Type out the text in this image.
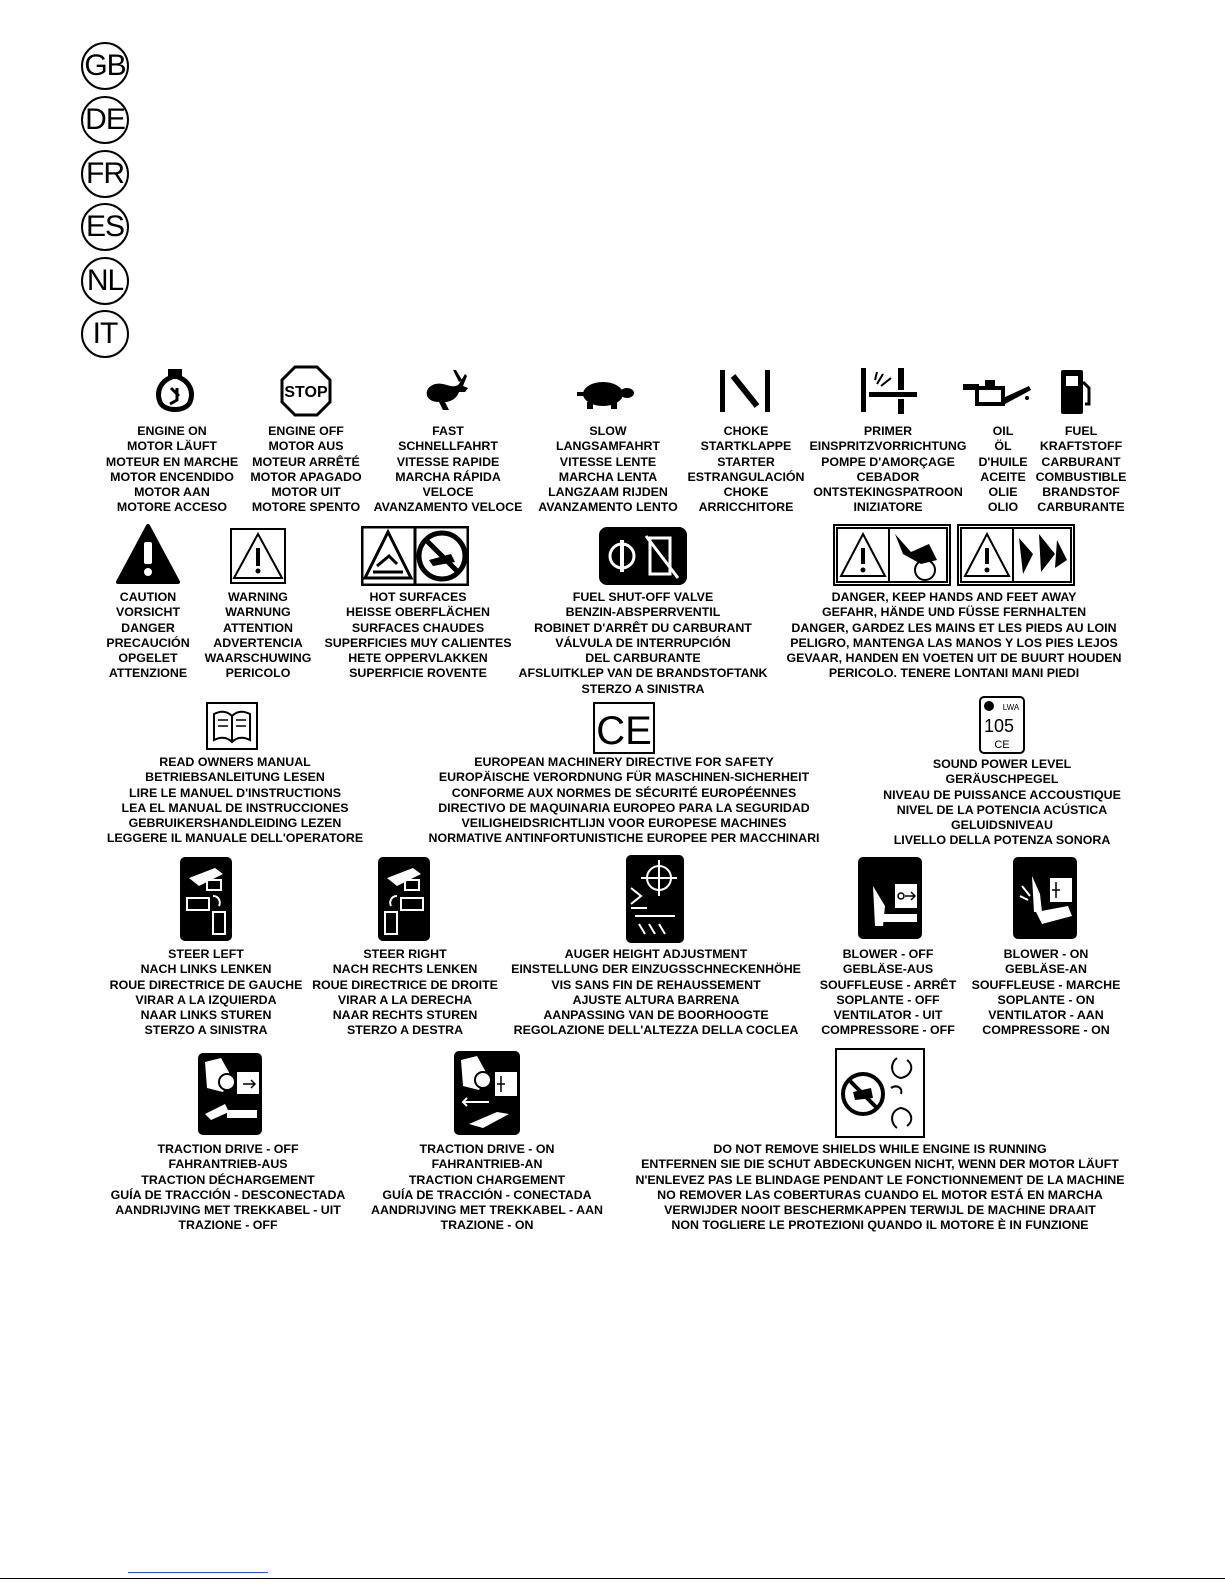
GB
DE
FR
ES
NL
IT
STOP
ENGINE ON
MOTOR LÄUFT
MOTEUR EN MARCHE
MOTOR ENCENDIDO
MOTOR AAN
MOTORE ACCESO
ENGINE OFF
MOTOR AUS
MOTEUR ARRÊTÉ
MOTOR APAGADO
MOTOR UIT
MOTORE SPENTO
FAST
SCHNELLFAHRT
VITESSE RAPIDE
MARCHA RÁPIDA
VELOCE
AVANZAMENTO VELOCE
SLOW
LANGSAMFAHRT
VITESSE LENTE
MARCHA LENTA
LANGZAAM RIJDEN
AVANZAMENTO LENTO
CHOKE
STARTKLAPPE
STARTER
ESTRANGULACIÓN
CHOKE
ARRICCHITORE
PRIMER
EINSPRITZVORRICHTUNG
POMPE D'AMORÇAGE
CEBADOR
ONTSTEKINGSPATROON
INIZIATORE
OIL
ÖL
D'HUILE
ACEITE
OLIE
OLIO
FUEL
KRAFTSTOFF
CARBURANT
COMBUSTIBLE
BRANDSTOF
CARBURANTE
CAUTION
VORSICHT
DANGER
PRECAUCIÓN
OPGELET
ATTENZIONE
WARNING
WARNUNG
ATTENTION
ADVERTENCIA
WAARSCHUWING
PERICOLO
HOT SURFACES
HEISSE OBERFLÄCHEN
SURFACES CHAUDES
SUPERFICIES MUY CALIENTES
HETE OPPERVLAKKEN
SUPERFICIE ROVENTE
FUEL SHUT-OFF VALVE
BENZIN-ABSPERRVENTIL
ROBINET D'ARRÊT DU CARBURANT
VÁLVULA DE INTERRUPCIÓN
DEL CARBURANTE
AFSLUITKLEP VAN DE BRANDSTOFTANK
STERZO A SINISTRA
DANGER, KEEP HANDS AND FEET AWAY
GEFAHR, HÄNDE UND FÜSSE FERNHALTEN
DANGER, GARDEZ LES MAINS ET LES PIEDS AU LOIN
PELIGRO, MANTENGA LAS MANOS Y LOS PIES LEJOS
GEVAAR, HANDEN EN VOETEN UIT DE BUURT HOUDEN
PERICOLO. TENERE LONTANI MANI PIEDI
CE
LWA
105
CE
READ OWNERS MANUAL
BETRIEBSANLEITUNG LESEN
LIRE LE MANUEL D'INSTRUCTIONS
LEA EL MANUAL DE INSTRUCCIONES
GEBRUIKERSHANDLEIDING LEZEN
LEGGERE IL MANUALE DELL'OPERATORE
EUROPEAN MACHINERY DIRECTIVE FOR SAFETY
EUROPÄISCHE VERORDNUNG FÜR MASCHINEN-SICHERHEIT
CONFORME AUX NORMES DE SÉCURITÉ EUROPÉENNES
DIRECTIVO DE MAQUINARIA EUROPEO PARA LA SEGURIDAD
VEILIGHEIDSRICHTLIJN VOOR EUROPESE MACHINES
NORMATIVE ANTINFORTUNISTICHE EUROPEE PER MACCHINARI
SOUND POWER LEVEL
GERÄUSCHPEGEL
NIVEAU DE PUISSANCE ACCOUSTIQUE
NIVEL DE LA POTENCIA ACÚSTICA
GELUIDSNIVEAU
LIVELLO DELLA POTENZA SONORA
STEER LEFT
NACH LINKS LENKEN
ROUE DIRECTRICE DE GAUCHE
VIRAR A LA IZQUIERDA
NAAR LINKS STUREN
STERZO A SINISTRA
STEER RIGHT
NACH RECHTS LENKEN
ROUE DIRECTRICE DE DROITE
VIRAR A LA DERECHA
NAAR RECHTS STUREN
STERZO A DESTRA
AUGER HEIGHT ADJUSTMENT
EINSTELLUNG DER EINZUGSSCHNECKENHÖHE
VIS SANS FIN DE REHAUSSEMENT
AJUSTE ALTURA BARRENA
AANPASSING VAN DE BOORHOOGTE
REGOLAZIONE DELL'ALTEZZA DELLA COCLEA
BLOWER - OFF
GEBLÄSE-AUS
SOUFFLEUSE - ARRÊT
SOPLANTE - OFF
VENTILATOR - UIT
COMPRESSORE - OFF
BLOWER - ON
GEBLÄSE-AN
SOUFFLEUSE - MARCHE
SOPLANTE - ON
VENTILATOR - AAN
COMPRESSORE - ON
TRACTION DRIVE - OFF
FAHRANTRIEB-AUS
TRACTION DÉCHARGEMENT
GUÍA DE TRACCIÓN - DESCONECTADA
AANDRIJVING MET TREKKABEL - UIT
TRAZIONE - OFF
TRACTION DRIVE - ON
FAHRANTRIEB-AN
TRACTION CHARGEMENT
GUÍA DE TRACCIÓN - CONECTADA
AANDRIJVING MET TREKKABEL - AAN
TRAZIONE - ON
DO NOT REMOVE SHIELDS WHILE ENGINE IS RUNNING
ENTFERNEN SIE DIE SCHUT ABDECKUNGEN NICHT, WENN DER MOTOR LÄUFT
N'ENLEVEZ PAS LE BLINDAGE PENDANT LE FONCTIONNEMENT DE LA MACHINE
NO REMOVER LAS COBERTURAS CUANDO EL MOTOR ESTÁ EN MARCHA
VERWIJDER NOOIT BESCHERMKAPPEN TERWIJL DE MACHINE DRAAIT
NON TOGLIERE LE PROTEZIONI QUANDO IL MOTORE È IN FUNZIONE
